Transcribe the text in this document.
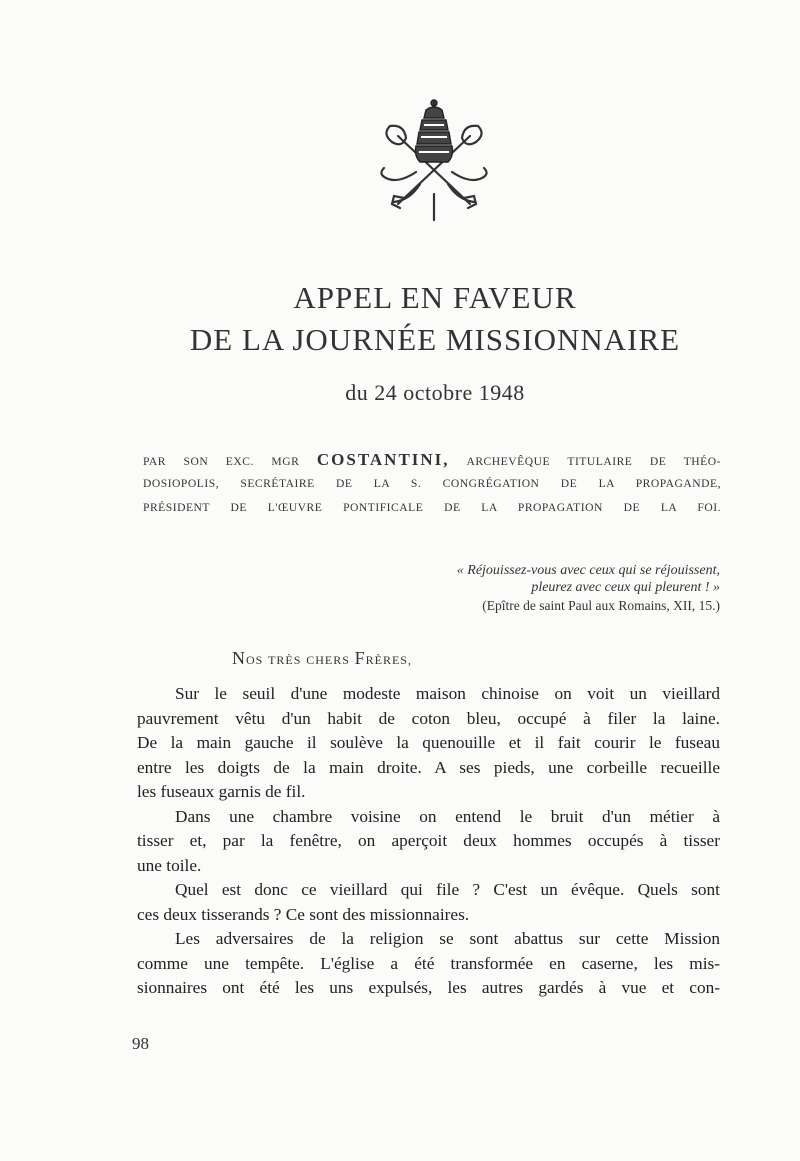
APPEL EN FAVEUR
DE LA JOURNÉE MISSIONNAIRE
du 24 octobre 1948
PAR SON EXC. MGR COSTANTINI, ARCHEVÊQUE TITULAIRE DE THÉO-
DOSIOPOLIS, SECRÉTAIRE DE LA S. CONGRÉGATION DE LA PROPAGANDE,
PRÉSIDENT DE L'ŒUVRE PONTIFICALE DE LA PROPAGATION DE LA FOI.
« Réjouissez-vous avec ceux qui se réjouissent,
pleurez avec ceux qui pleurent ! »
(Epître de saint Paul aux Romains, XII, 15.)
NOS TRÈS CHERS FRÈRES,
Sur le seuil d'une modeste maison chinoise on voit un vieillard
pauvrement vêtu d'un habit de coton bleu, occupé à filer la laine.
De la main gauche il soulève la quenouille et il fait courir le fuseau
entre les doigts de la main droite. A ses pieds, une corbeille recueille
les fuseaux garnis de fil.
Dans une chambre voisine on entend le bruit d'un métier à
tisser et, par la fenêtre, on aperçoit deux hommes occupés à tisser
une toile.
Quel est donc ce vieillard qui file ? C'est un évêque. Quels sont
ces deux tisserands ? Ce sont des missionnaires.
Les adversaires de la religion se sont abattus sur cette Mission
comme une tempête. L'église a été transformée en caserne, les mis-
sionnaires ont été les uns expulsés, les autres gardés à vue et con-
98
